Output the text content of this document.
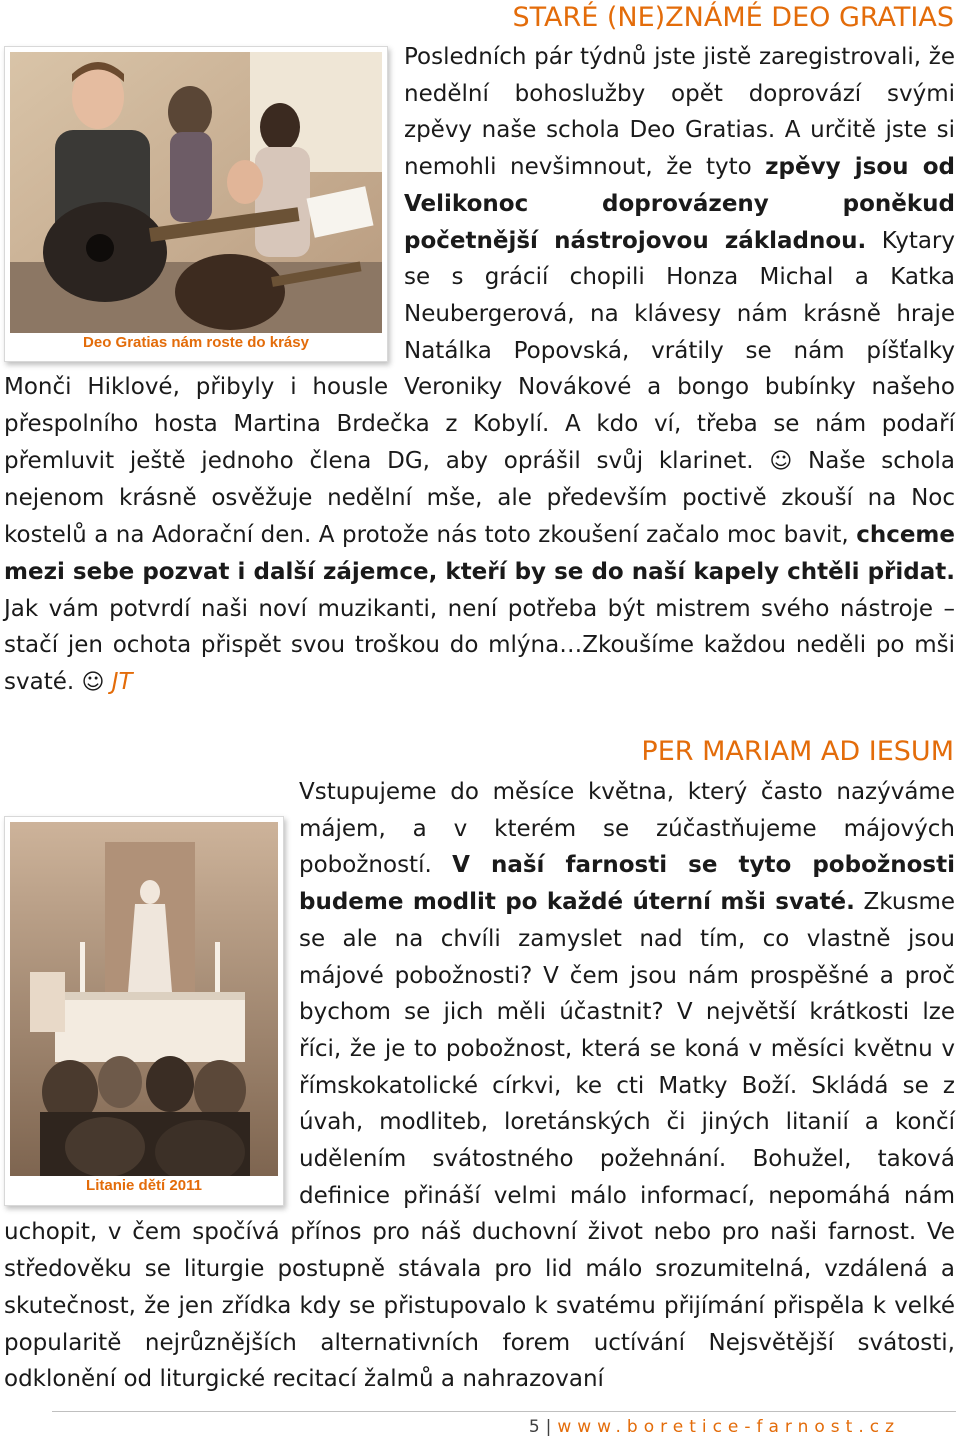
STARÉ (NE)ZNÁMÉ DEO GRATIAS
Deo Gratias nám roste do krásy
Posledních pár týdnů jste jistě zaregistrovali, že nedělní bohoslužby opět doprovází svými zpěvy naše schola Deo Gratias. A určitě jste si nemohli nevšimnout, že tyto zpěvy jsou od Velikonoc doprovázeny poněkud početnější nástrojovou základnou. Kytary se s grácií chopili Honza Michal a Katka Neubergerová, na klávesy nám krásně hraje Natálka Popovská, vrátily se nám píšťalky Monči Hiklové, přibyly i housle Veroniky Novákové a bongo bubínky našeho přespolního hosta Martina Brdečka z Kobylí. A kdo ví, třeba se nám podaří přemluvit ještě jednoho člena DG, aby oprášil svůj klarinet. ☺ Naše schola nejenom krásně osvěžuje nedělní mše, ale především poctivě zkouší na Noc kostelů a na Adorační den. A protože nás toto zkoušení začalo moc bavit, chceme mezi sebe pozvat i další zájemce, kteří by se do naší kapely chtěli přidat. Jak vám potvrdí naši noví muzikanti, není potřeba být mistrem svého nástroje – stačí jen ochota přispět svou troškou do mlýna…Zkoušíme každou neděli po mši svaté. ☺ JT
PER MARIAM AD IESUM
Litanie dětí 2011
Vstupujeme do měsíce května, který často nazýváme májem, a v kterém se zúčastňujeme májových pobožností. V naší farnosti se tyto pobožnosti budeme modlit po každé úterní mši svaté. Zkusme se ale na chvíli zamyslet nad tím, co vlastně jsou májové pobožnosti? V čem jsou nám prospěšné a proč bychom se jich měli účastnit? V největší krátkosti lze říci, že je to pobožnost, která se koná v měsíci květnu v římskokatolické církvi, ke cti Matky Boží. Skládá se z úvah, modliteb, loretánských či jiných litanií a končí udělením svátostného požehnání. Bohužel, taková definice přináší velmi málo informací, nepomáhá nám uchopit, v čem spočívá přínos pro náš duchovní život nebo pro naši farnost. Ve středověku se liturgie postupně stávala pro lid málo srozumitelná, vzdálená a skutečnost, že jen zřídka kdy se přistupovalo k svatému přijímání přispěla k velké popularitě nejrůznějších alternativních forem uctívání Nejsvětější svátosti, odklonění od liturgické recitací žalmů a nahrazovaní
5 | www.boretice-farnost.cz
